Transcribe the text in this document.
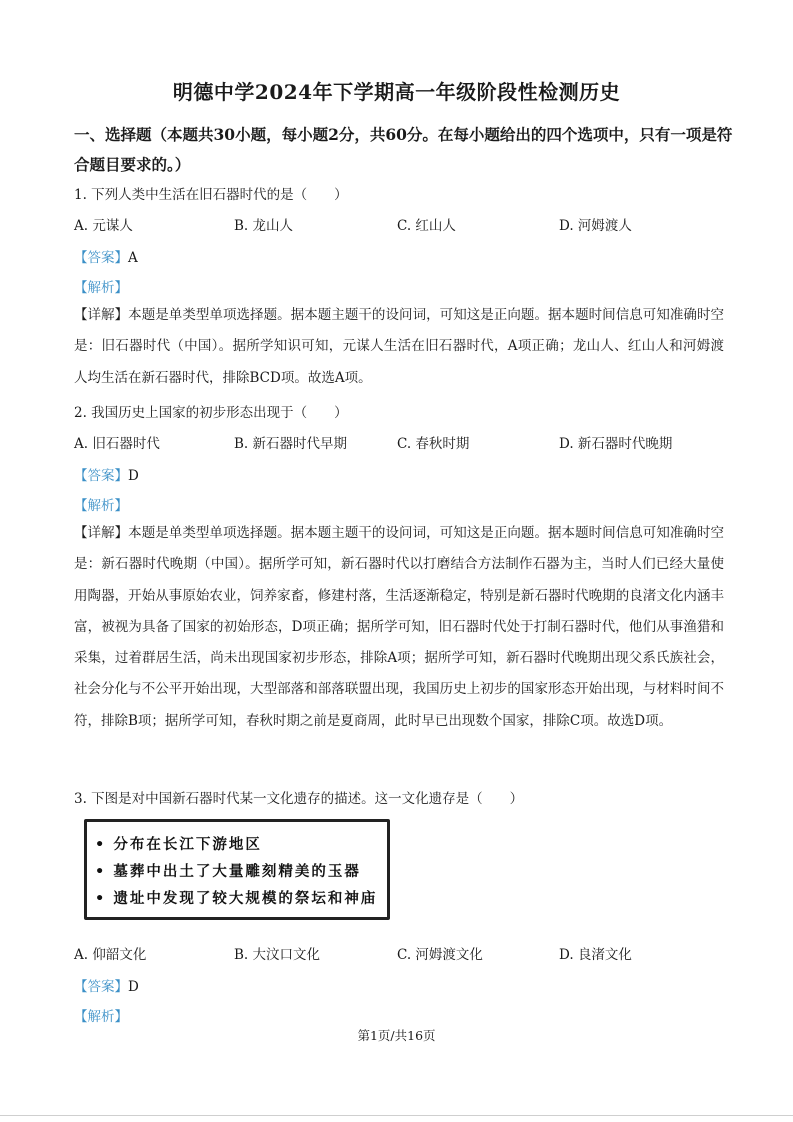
明德中学2024年下学期高一年级阶段性检测历史
一、选择题（本题共30小题，每小题2分，共60分。在每小题给出的四个选项中，只有一项是符合题目要求的。）
1. 下列人类中生活在旧石器时代的是（　　）
A. 元谋人	B. 龙山人	C. 红山人	D. 河姆渡人
【答案】A
【解析】
【详解】本题是单类型单项选择题。据本题主题干的设问词，可知这是正向题。据本题时间信息可知准确时空是：旧石器时代（中国）。据所学知识可知，元谋人生活在旧石器时代，A项正确；龙山人、红山人和河姆渡人均生活在新石器时代，排除BCD项。故选A项。
2. 我国历史上国家的初步形态出现于（　　）
A. 旧石器时代	B. 新石器时代早期	C. 春秋时期	D. 新石器时代晚期
【答案】D
【解析】
【详解】本题是单类型单项选择题。据本题主题干的设问词，可知这是正向题。据本题时间信息可知准确时空是：新石器时代晚期（中国）。据所学可知，新石器时代以打磨结合方法制作石器为主，当时人们已经大量使用陶器，开始从事原始农业，饲养家畜，修建村落，生活逐渐稳定，特别是新石器时代晚期的良渚文化内涵丰富，被视为具备了国家的初始形态，D项正确；据所学可知，旧石器时代处于打制石器时代，他们从事渔猎和采集，过着群居生活，尚未出现国家初步形态，排除A项；据所学可知，新石器时代晚期出现父系氏族社会，社会分化与不公平开始出现，大型部落和部落联盟出现，我国历史上初步的国家形态开始出现，与材料时间不符，排除B项；据所学可知，春秋时期之前是夏商周，此时早已出现数个国家，排除C项。故选D项。
3. 下图是对中国新石器时代某一文化遗存的描述。这一文化遗存是（　　）
• 分布在长江下游地区
• 墓葬中出土了大量雕刻精美的玉器
• 遗址中发现了较大规模的祭坛和神庙
A. 仰韶文化	B. 大汶口文化	C. 河姆渡文化	D. 良渚文化
【答案】D
【解析】
第1页/共16页
